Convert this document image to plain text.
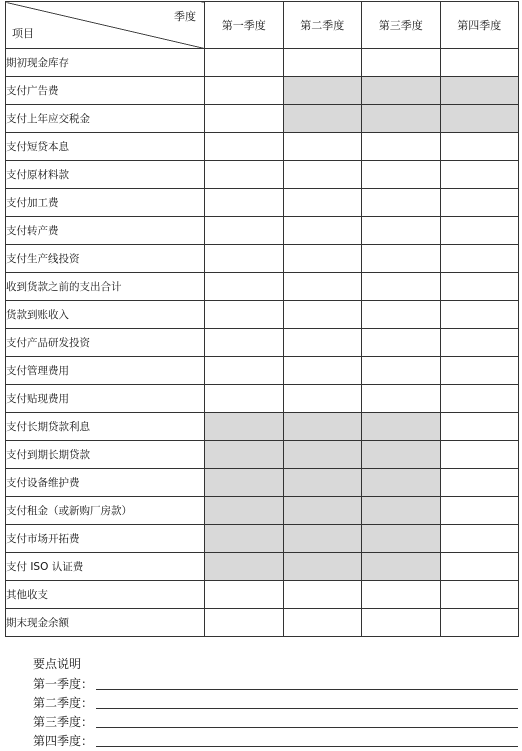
季度
项目	第一季度	第二季度	第三季度	第四季度
期初现金库存				
支付广告费				
支付上年应交税金				
支付短贷本息				
支付原材料款				
支付加工费				
支付转产费				
支付生产线投资				
收到货款之前的支出合计				
货款到账收入				
支付产品研发投资				
支付管理费用				
支付贴现费用				
支付长期贷款利息				
支付到期长期贷款				
支付设备维护费				
支付租金（或新购厂房款）				
支付市场开拓费				
支付 ISO 认证费				
其他收支				
期末现金余额				
要点说明
第一季度：
第二季度：
第三季度：
第四季度：
